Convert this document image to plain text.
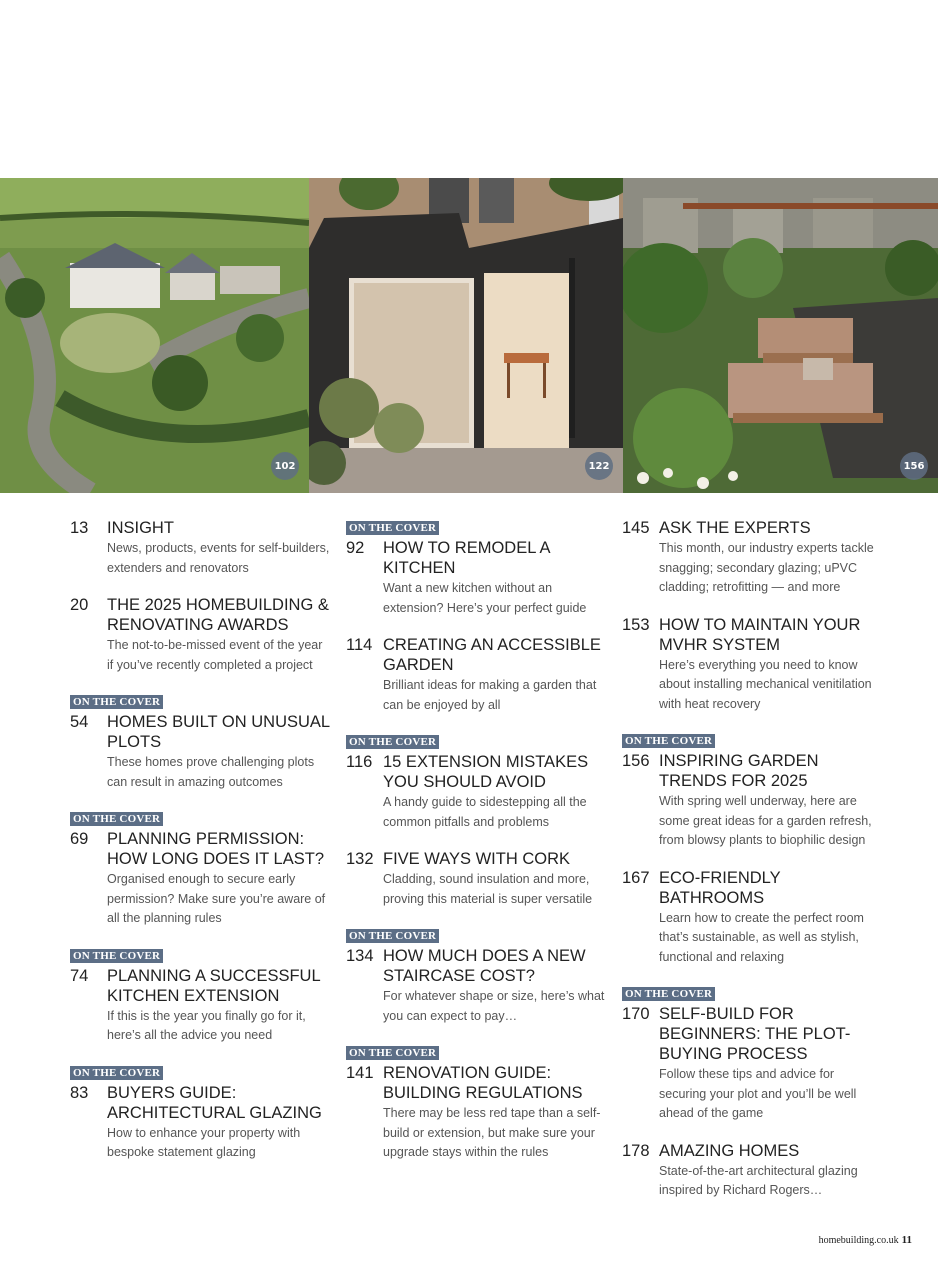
102	122	156
13	INSIGHT
News, products, events for self-builders, extenders and renovators
20	THE 2025 HOMEBUILDING & RENOVATING AWARDS
The not-to-be-missed event of the year if you’ve recently completed a project
ON THE COVER
54	HOMES BUILT ON UNUSUAL PLOTS
These homes prove challenging plots can result in amazing outcomes
ON THE COVER
69	PLANNING PERMISSION: HOW LONG DOES IT LAST?
Organised enough to secure early permission? Make sure you’re aware of all the planning rules
ON THE COVER
74	PLANNING A SUCCESSFUL KITCHEN EXTENSION
If this is the year you finally go for it, here’s all the advice you need
ON THE COVER
83	BUYERS GUIDE: ARCHITECTURAL GLAZING
How to enhance your property with bespoke statement glazing
ON THE COVER
92	HOW TO REMODEL A KITCHEN
Want a new kitchen without an extension? Here’s your perfect guide
114 CREATING AN ACCESSIBLE GARDEN
Brilliant ideas for making a garden that can be enjoyed by all
ON THE COVER
116 15 EXTENSION MISTAKES YOU SHOULD AVOID
A handy guide to sidestepping all the common pitfalls and problems
132 FIVE WAYS WITH CORK
Cladding, sound insulation and more, proving this material is super versatile
ON THE COVER
134 HOW MUCH DOES A NEW STAIRCASE COST?
For whatever shape or size, here’s what you can expect to pay…
ON THE COVER
141 RENOVATION GUIDE: BUILDING REGULATIONS
There may be less red tape than a self-build or extension, but make sure your upgrade stays within the rules
145 ASK THE EXPERTS
This month, our industry experts tackle snagging; secondary glazing; uPVC cladding; retrofitting — and more
153 HOW TO MAINTAIN YOUR MVHR SYSTEM
Here’s everything you need to know about installing mechanical venitilation with heat recovery
ON THE COVER
156 INSPIRING GARDEN TRENDS FOR 2025
With spring well underway, here are some great ideas for a garden refresh, from blowsy plants to biophilic design
167 ECO-FRIENDLY BATHROOMS
Learn how to create the perfect room that’s sustainable, as well as stylish, functional and relaxing
ON THE COVER
170 SELF-BUILD FOR BEGINNERS: THE PLOT-BUYING PROCESS
Follow these tips and advice for securing your plot and you’ll be well ahead of the game
178 AMAZING HOMES
State-of-the-art architectural glazing inspired by Richard Rogers…
homebuilding.co.uk 11
